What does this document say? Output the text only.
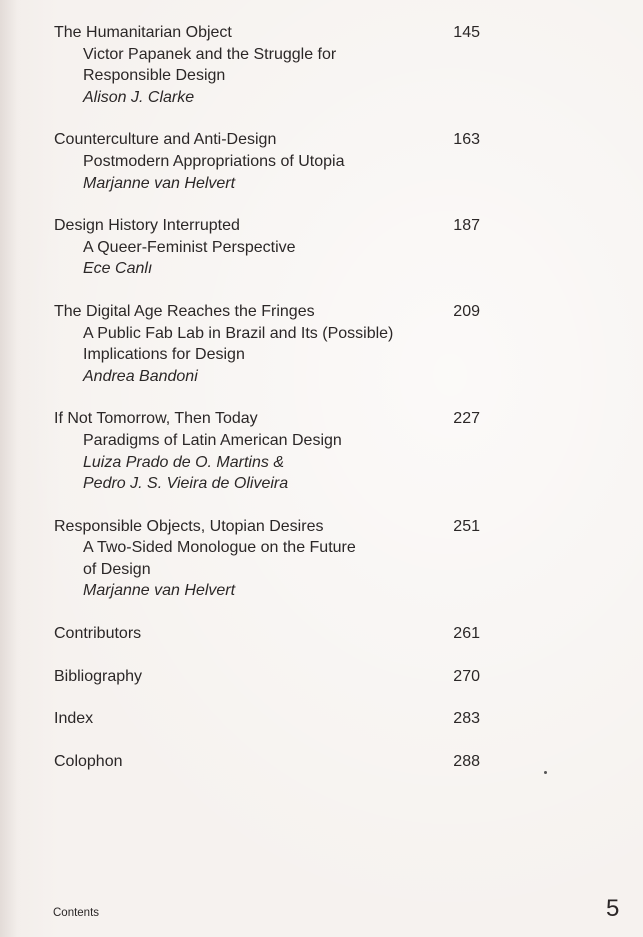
The Humanitarian Object	145
Victor Papanek and the Struggle for
Responsible Design
Alison J. Clarke
Counterculture and Anti-Design	163
Postmodern Appropriations of Utopia
Marjanne van Helvert
Design History Interrupted	187
A Queer-Feminist Perspective
Ece Canlı
The Digital Age Reaches the Fringes	209
A Public Fab Lab in Brazil and Its (Possible)
Implications for Design
Andrea Bandoni
If Not Tomorrow, Then Today	227
Paradigms of Latin American Design
Luiza Prado de O. Martins &
Pedro J. S. Vieira de Oliveira
Responsible Objects, Utopian Desires	251
A Two-Sided Monologue on the Future
of Design
Marjanne van Helvert
Contributors	261
Bibliography	270
Index	283
Colophon	288
Contents	5
